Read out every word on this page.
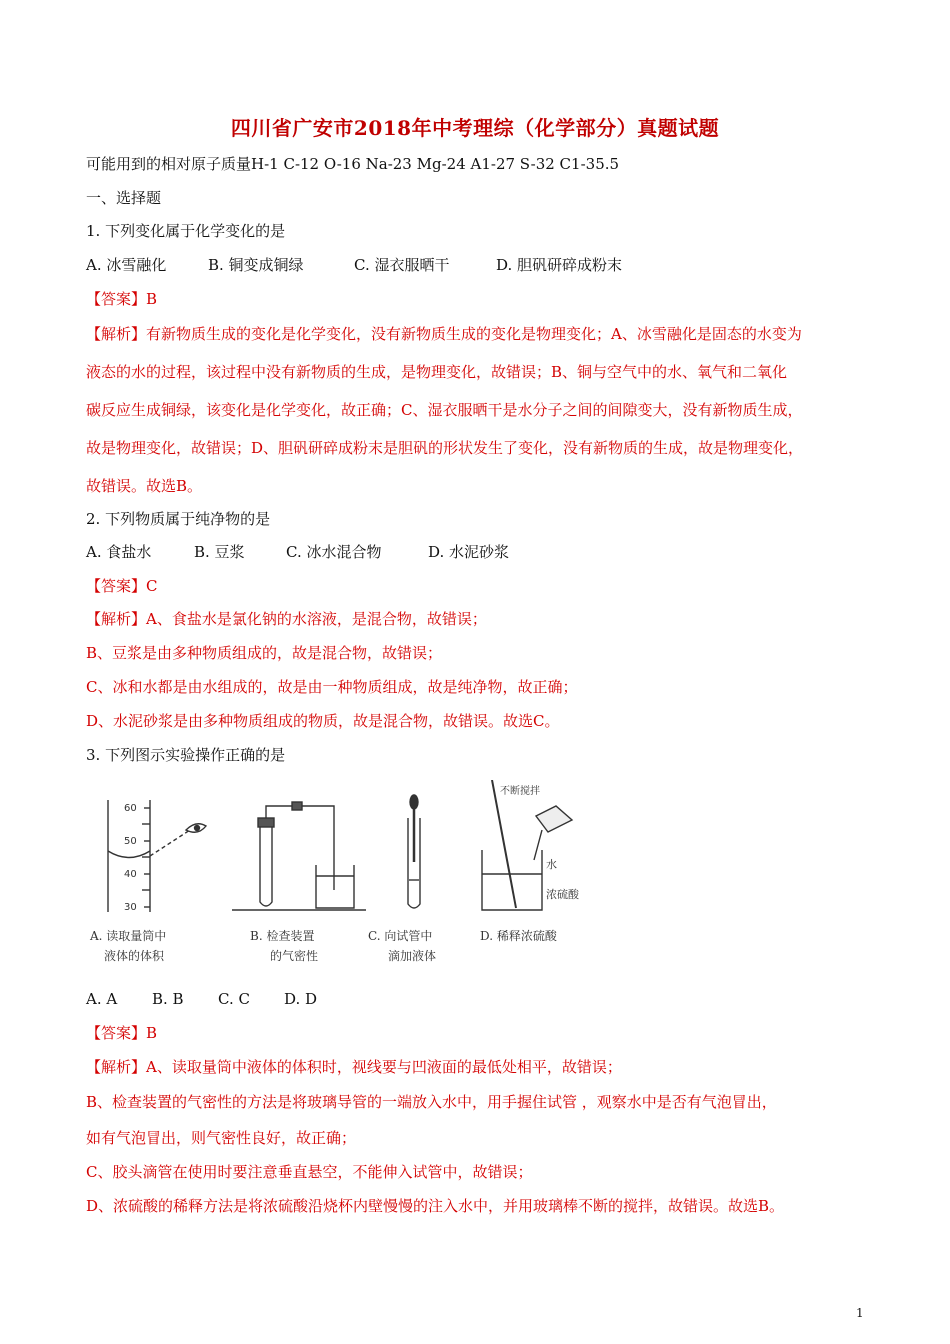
四川省广安市2018年中考理综（化学部分）真题试题
可能用到的相对原子质量H-1 C-12 O-16 Na-23 Mg-24 A1-27 S-32 C1-35.5
一、选择题
1. 下列变化属于化学变化的是
A. 冰雪融化	B. 铜变成铜绿	C. 湿衣服晒干	D. 胆矾研碎成粉末
【答案】B
【解析】有新物质生成的变化是化学变化，没有新物质生成的变化是物理变化；A、冰雪融化是固态的水变为
液态的水的过程，该过程中没有新物质的生成，是物理变化，故错误；B、铜与空气中的水、氧气和二氧化
碳反应生成铜绿，该变化是化学变化，故正确；C、湿衣服晒干是水分子之间的间隙变大，没有新物质生成，
故是物理变化，故错误；D、胆矾研碎成粉末是胆矾的形状发生了变化，没有新物质的生成，故是物理变化，
故错误。故选B。
2. 下列物质属于纯净物的是
A. 食盐水	B. 豆浆	C. 冰水混合物	D. 水泥砂浆
【答案】C
【解析】A、食盐水是氯化钠的水溶液，是混合物，故错误；
B、豆浆是由多种物质组成的，故是混合物，故错误；
C、冰和水都是由水组成的，故是由一种物质组成，故是纯净物，故正确；
D、水泥砂浆是由多种物质组成的物质，故是混合物，故错误。故选C。
3. 下列图示实验操作正确的是
60
50
40
30
不断搅拌
水
浓硫酸
A. 读取量筒中
液体的体积
B. 检查装置
的气密性
C. 向试管中
滴加液体
D. 稀释浓硫酸
A. A B. B C. C D. D
【答案】B
【解析】A、读取量筒中液体的体积时，视线要与凹液面的最低处相平，故错误；
B、检查装置的气密性的方法是将玻璃导管的一端放入水中，用手握住试管 ，观察水中是否有气泡冒出，
如有气泡冒出，则气密性良好，故正确；
C、胶头滴管在使用时要注意垂直悬空，不能伸入试管中，故错误；
D、浓硫酸的稀释方法是将浓硫酸沿烧杯内壁慢慢的注入水中，并用玻璃棒不断的搅拌，故错误。故选B。
1
